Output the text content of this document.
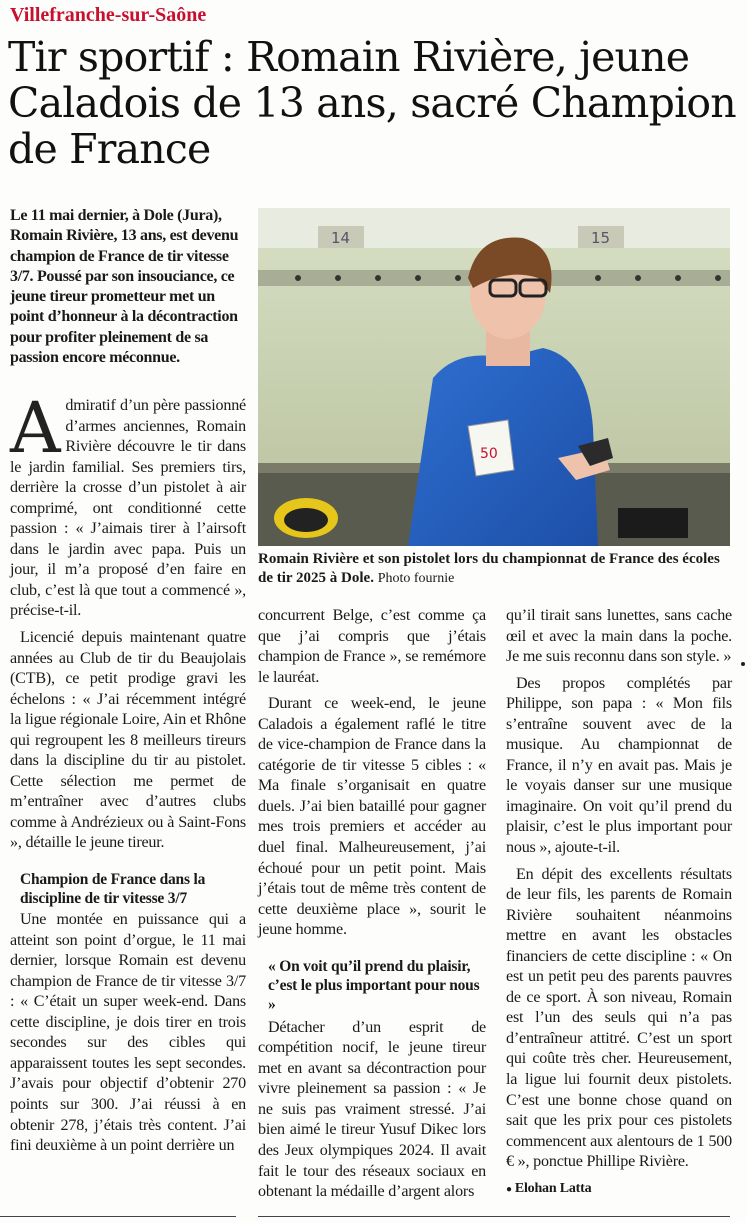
Villefranche-sur-Saône
Tir sportif : Romain Rivière, jeune Caladois de 13 ans, sacré Champion de France

Le 11 mai dernier, à Dole (Jura), Romain Rivière, 13 ans, est devenu champion de France de tir vitesse 3/7. Poussé par son insouciance, ce jeune tireur prometteur met un point d’honneur à la décontraction pour profiter pleinement de sa passion encore méconnue.

14	15
50

Romain Rivière et son pistolet lors du championnat de France des écoles de tir 2025 à Dole. Photo fournie

Admiratif d’un père passionné d’armes anciennes, Romain Rivière découvre le tir dans le jardin familial. Ses premiers tirs, derrière la crosse d’un pistolet à air comprimé, ont conditionné cette passion : « J’aimais tirer à l’airsoft dans le jardin avec papa. Puis un jour, il m’a proposé d’en faire en club, c’est là que tout a commencé », précise-t-il.

Licencié depuis maintenant quatre années au Club de tir du Beaujolais (CTB), ce petit prodige gravi les échelons : « J’ai récemment intégré la ligue régionale Loire, Ain et Rhône qui regroupent les 8 meilleurs tireurs dans la discipline du tir au pistolet. Cette sélection me permet de m’entraîner avec d’autres clubs comme à Andrézieux ou à Saint-Fons », détaille le jeune tireur.

Champion de France dans la discipline de tir vitesse 3/7

Une montée en puissance qui a atteint son point d’orgue, le 11 mai dernier, lorsque Romain est devenu champion de France de tir vitesse 3/7 : « C’était un super week-end. Dans cette discipline, je dois tirer en trois secondes sur des cibles qui apparaissent toutes les sept secondes. J’avais pour objectif d’obtenir 270 points sur 300. J’ai réussi à en obtenir 278, j’étais très content. J’ai fini deuxième à un point derrière un

concurrent Belge, c’est comme ça que j’ai compris que j’étais champion de France », se remémore le lauréat.

Durant ce week-end, le jeune Caladois a également raflé le titre de vice-champion de France dans la catégorie de tir vitesse 5 cibles : « Ma finale s’organisait en quatre duels. J’ai bien bataillé pour gagner mes trois premiers et accéder au duel final. Malheureusement, j’ai échoué pour un petit point. Mais j’étais tout de même très content de cette deuxième place », sourit le jeune homme.

« On voit qu’il prend du plaisir, c’est le plus important pour nous »

Détacher d’un esprit de compétition nocif, le jeune tireur met en avant sa décontraction pour vivre pleinement sa passion : « Je ne suis pas vraiment stressé. J’ai bien aimé le tireur Yusuf Dikec lors des Jeux olympiques 2024. Il avait fait le tour des réseaux sociaux en obtenant la médaille d’argent alors

qu’il tirait sans lunettes, sans cache œil et avec la main dans la poche. Je me suis reconnu dans son style. »

Des propos complétés par Philippe, son papa : « Mon fils s’entraîne souvent avec de la musique. Au championnat de France, il n’y en avait pas. Mais je le voyais danser sur une musique imaginaire. On voit qu’il prend du plaisir, c’est le plus important pour nous », ajoute-t-il.

En dépit des excellents résultats de leur fils, les parents de Romain Rivière souhaitent néanmoins mettre en avant les obstacles financiers de cette discipline : « On est un petit peu des parents pauvres de ce sport. À son niveau, Romain est l’un des seuls qui n’a pas d’entraîneur attitré. C’est un sport qui coûte très cher. Heureusement, la ligue lui fournit deux pistolets. C’est une bonne chose quand on sait que les prix pour ces pistolets commencent aux alentours de 1 500 € », ponctue Phillipe Rivière.

● Elohan Latta
